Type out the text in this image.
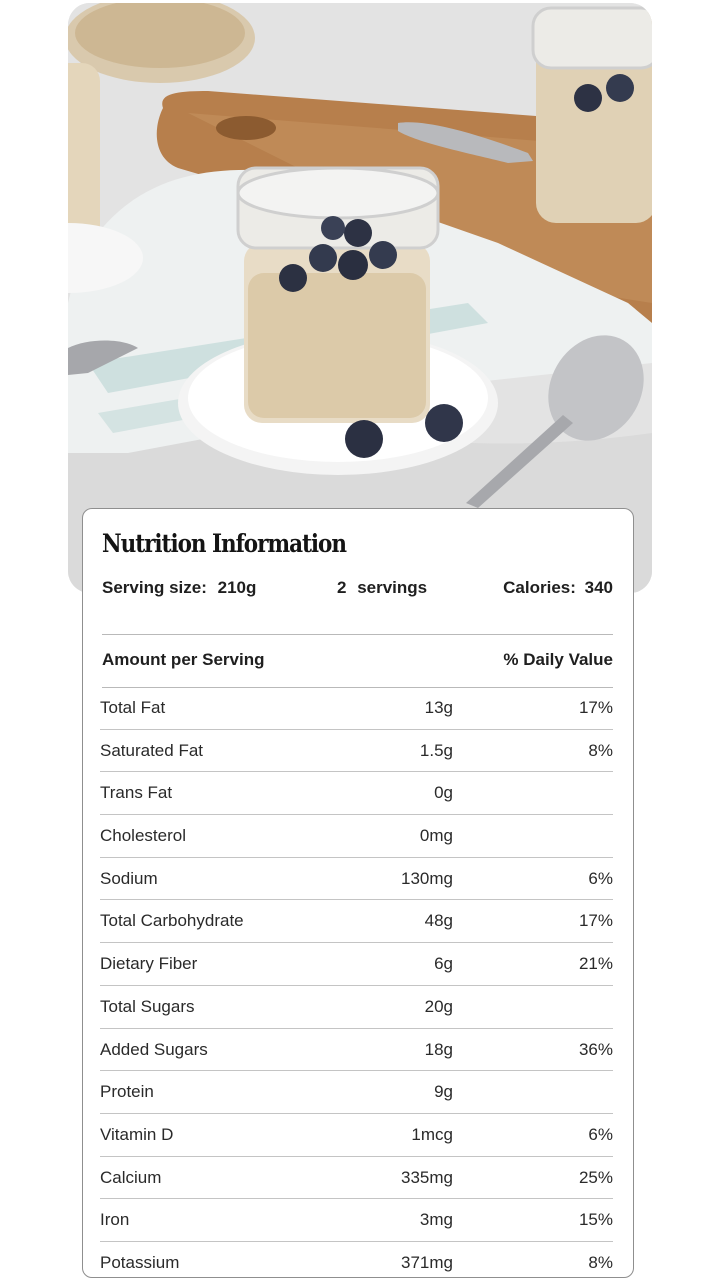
Nutrition Information
Serving size: 210g	2 servings	Calories: 340
Amount per Serving	% Daily Value
Total Fat	13g	17%
Saturated Fat	1.5g	8%
Trans Fat	0g
Cholesterol	0mg
Sodium	130mg	6%
Total Carbohydrate	48g	17%
Dietary Fiber	6g	21%
Total Sugars	20g
Added Sugars	18g	36%
Protein	9g
Vitamin D	1mcg	6%
Calcium	335mg	25%
Iron	3mg	15%
Potassium	371mg	8%
